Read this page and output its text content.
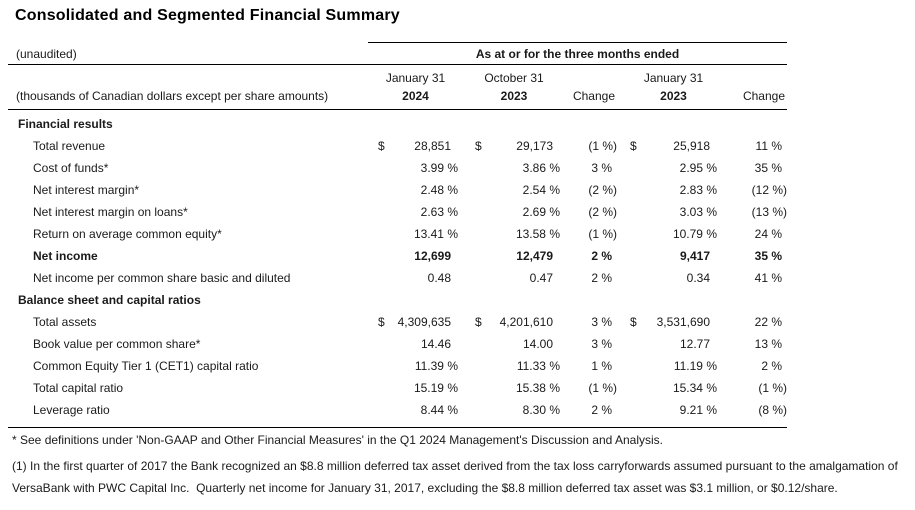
Consolidated and Segmented Financial Summary
(unaudited)	As at or for the three months ended
January 31	October 31	January 31
(thousands of Canadian dollars except per share amounts)	2024	2023	Change	2023	Change
Financial results
Total revenue	$ 28,851	$	29,173	(1 %)	$	25,918	11 %
Cost of funds*	3.99 %	3.86 %	3 %	2.95 %	35 %
Net interest margin*	2.48 %	2.54 % (2 %)	2.83 %	(12 %)
Net interest margin on loans*	2.63 %	2.69 % (2 %)	3.03 %	(13 %)
Return on average common equity*	13.41 %	13.58 % (1 %)	10.79 %	24 %
Net income	12,699	12,479	2 %	9,417	35 %
Net income per common share basic and diluted	0.48	0.47	2 %	0.34	41 %
Balance sheet and capital ratios
Total assets	$ 4,309,635	$ 4,201,610	3 %	$ 3,531,690	22 %
Book value per common share*	14.46	14.00	3 %	12.77	13 %
Common Equity Tier 1 (CET1) capital ratio	11.39 %	11.33 %	1 %	11.19 %	2 %
Total capital ratio	15.19 %	15.38 % (1 %)	15.34 %	(1 %)
Leverage ratio	8.44 %	8.30 %	2 %	9.21 %	(8 %)
* See definitions under 'Non-GAAP and Other Financial Measures' in the Q1 2024 Management's Discussion and Analysis.
(1) In the first quarter of 2017 the Bank recognized an $8.8 million deferred tax asset derived from the tax loss carryforwards assumed pursuant to the amalgamation of VersaBank with PWC Capital Inc.  Quarterly net income for January 31, 2017, excluding the $8.8 million deferred tax asset was $3.1 million, or $0.12/share.
